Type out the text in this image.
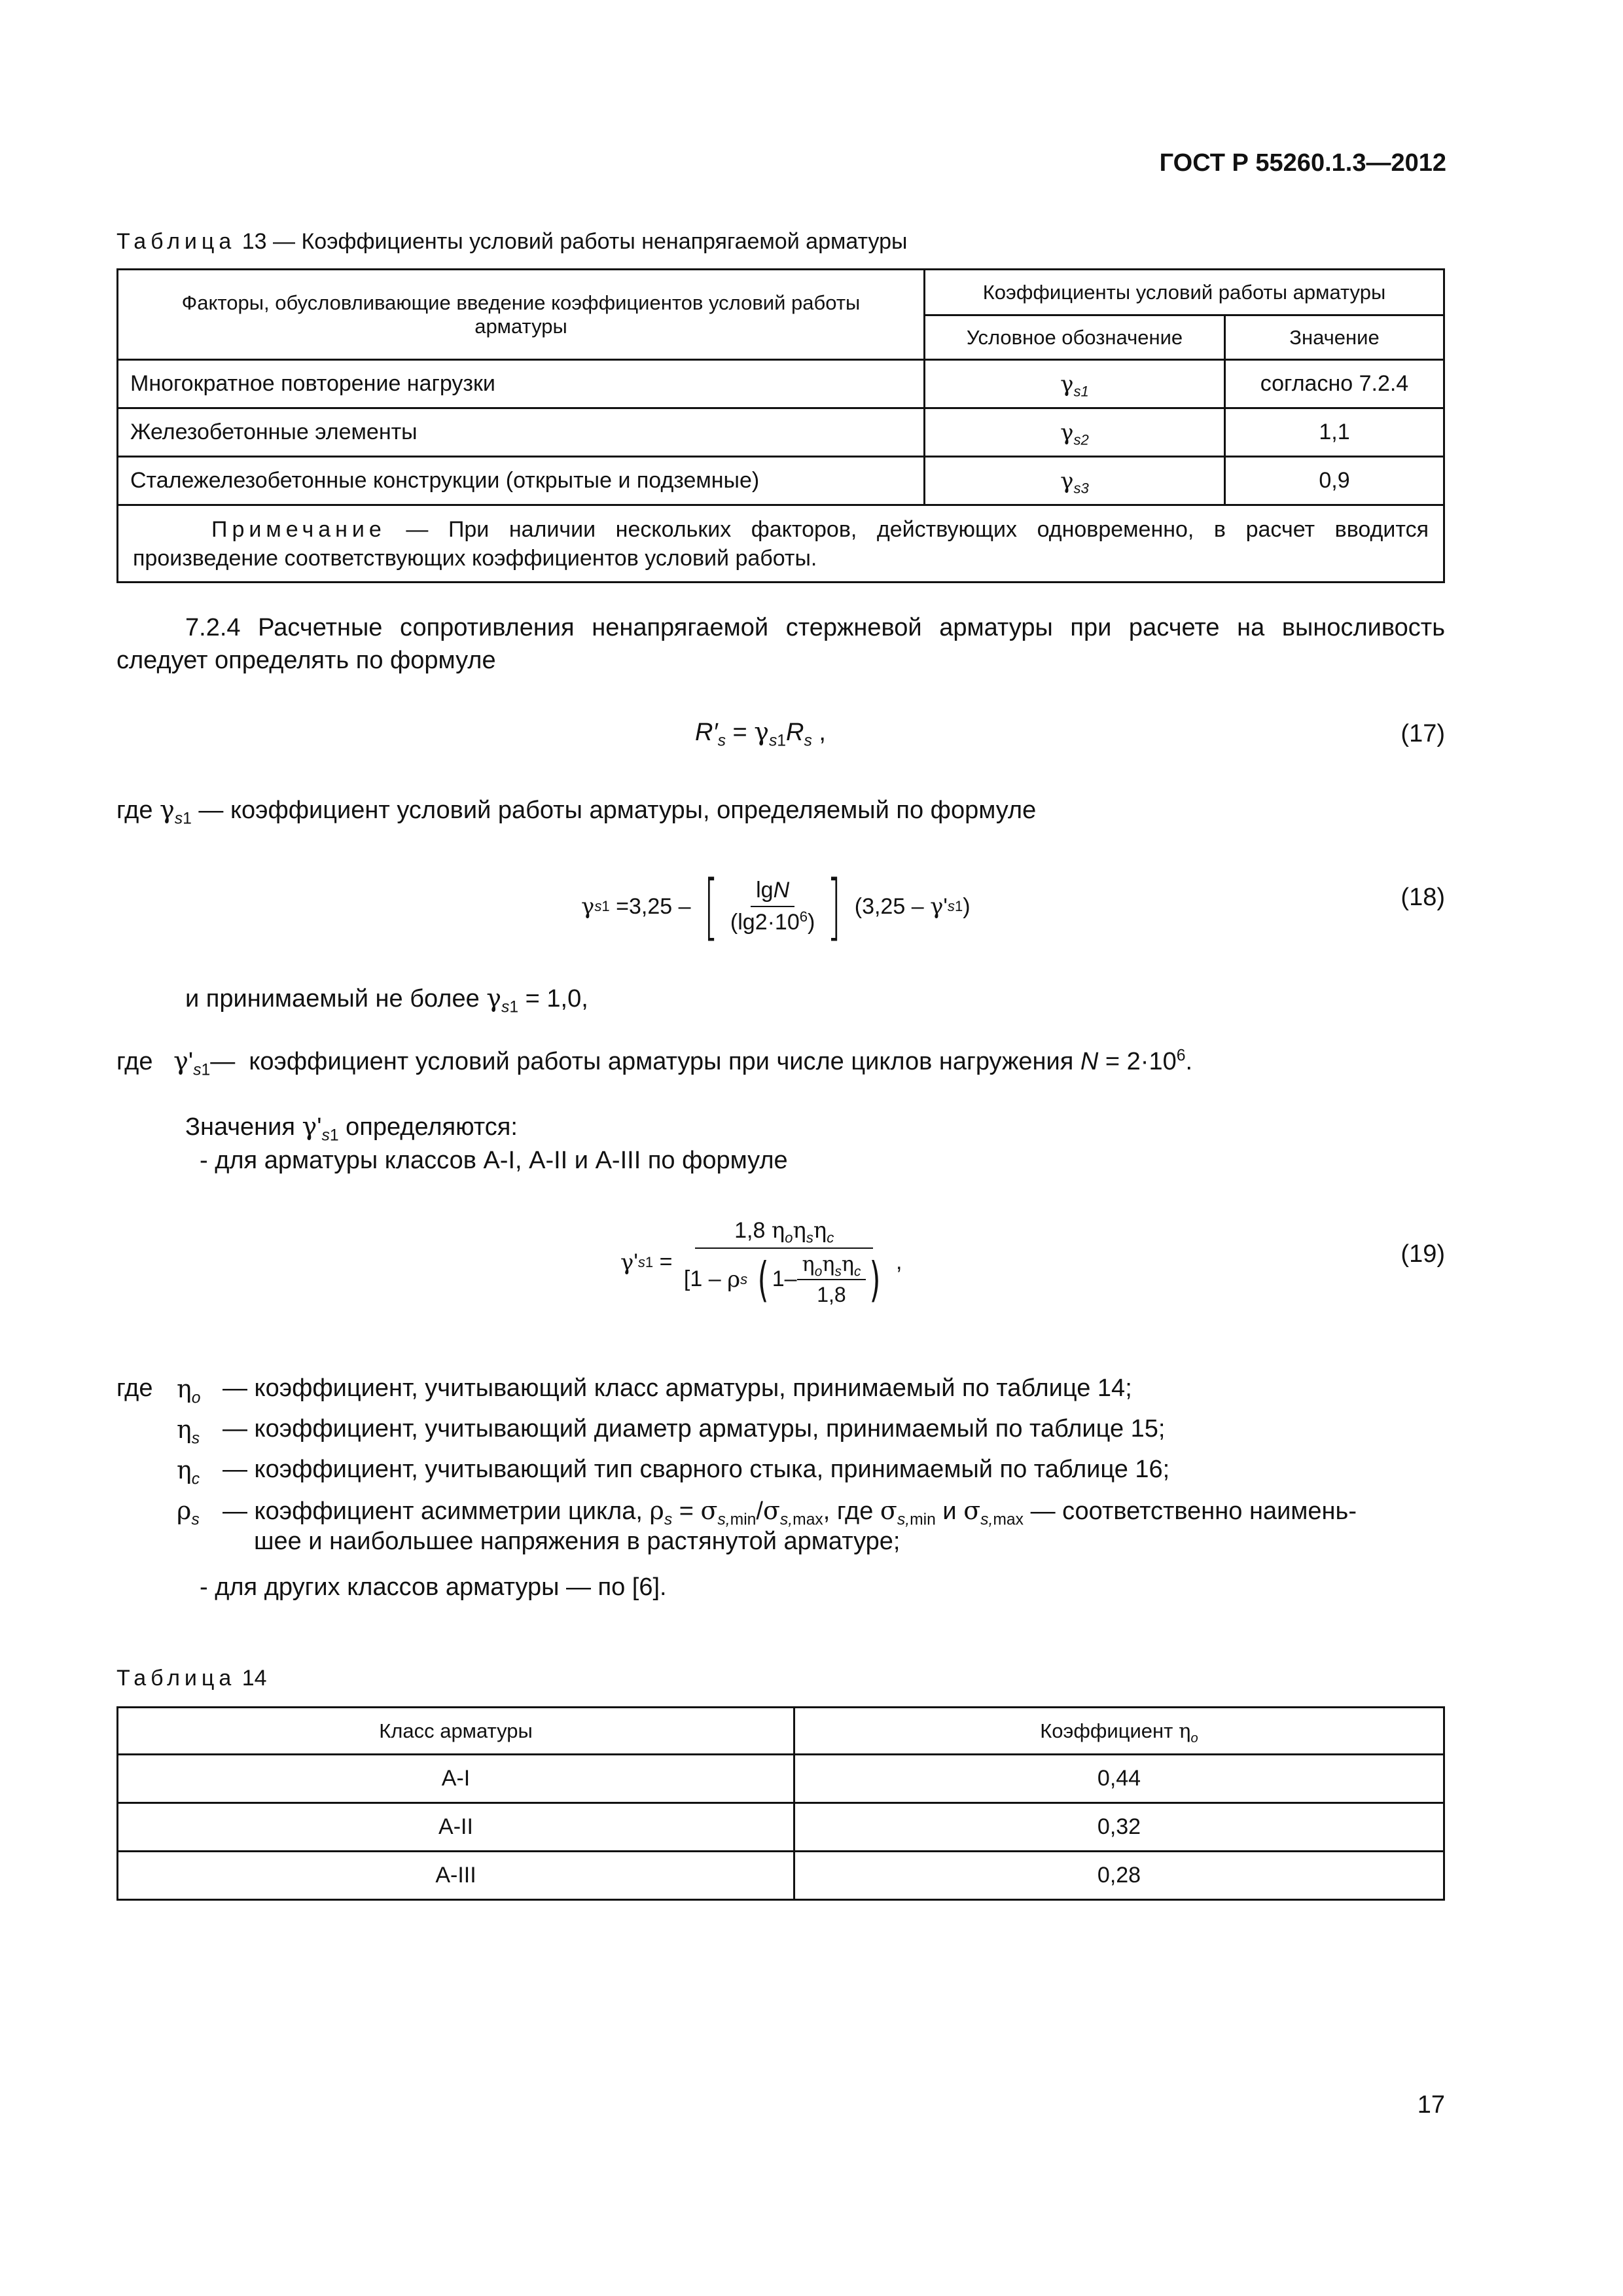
ГОСТ Р 55260.1.3—2012
Таблица 13 — Коэффициенты условий работы ненапрягаемой арматуры
Факторы, обусловливающие введение коэффициентов условий работы арматуры	Коэффициенты условий работы арматуры	
	Условное обозначение	Значение
Многократное повторение нагрузки	$\gamma_{s1}$	согласно 7.2.4
Железобетонные элементы	$\gamma_{s2}$	1,1
Сталежелезобетонные конструкции (открытые и подземные)	$\gamma_{s3}$	0,9
Примечание — При наличии нескольких факторов, действующих одновременно, в расчет вводится произведение соответствующих коэффициентов условий работы.		
7.2.4 Расчетные сопротивления ненапрягаемой стержневой арматуры при расчете на выносливость следует определять по формуле
$R'_s = \gamma_{s1}R_s$ ,	(17)
где $\gamma_{s1}$ — коэффициент условий работы арматуры, определяемый по формуле
γ s 1 = 3,25 – [ $\frac{\lg N}{(\lg 2\cdot 10^6)}$ ]
(3,25 –
γ ' s 1 )	(18)
и принимаемый не более $\gamma_{s1} = 1,0$,
где $\gamma'_{s1}—$  коэффициент условий работы арматуры при числе циклов нагружения $N = 2\cdot 10^6$.
Значения $\gamma'_{s1}$ определяются:
- для арматуры классов А-I, А-II и А-III по формуле
γ ' s 1 = 1,8 $\eta_o\eta_s\eta_c$
[1 –
ρ s
( $1- \frac{\eta_o\eta_s\eta_c}{1,8}$ ) ,	(19)
где $\eta_o$ — коэффициент, учитывающий класс арматуры, принимаемый по таблице 14;
$\eta_s$ — коэффициент, учитывающий диаметр арматуры, принимаемый по таблице 15;
$\eta_c$ — коэффициент, учитывающий тип сварного стыка, принимаемый по таблице 16;
$\rho_s$ — коэффициент асимметрии цикла, $\rho_s = \sigma_{s,min}/\sigma_{s,max}$, где $\sigma_{s,min}$ и $\sigma_{s,max}$ — соответственно наимень-
шее и наибольшее напряжения в растянутой арматуре;
- для других классов арматуры — по [6].
Таблица 14
Класс арматуры	Коэффициент $\eta_o$
А-I	0,44
А-II	0,32
А-III	0,28
17
